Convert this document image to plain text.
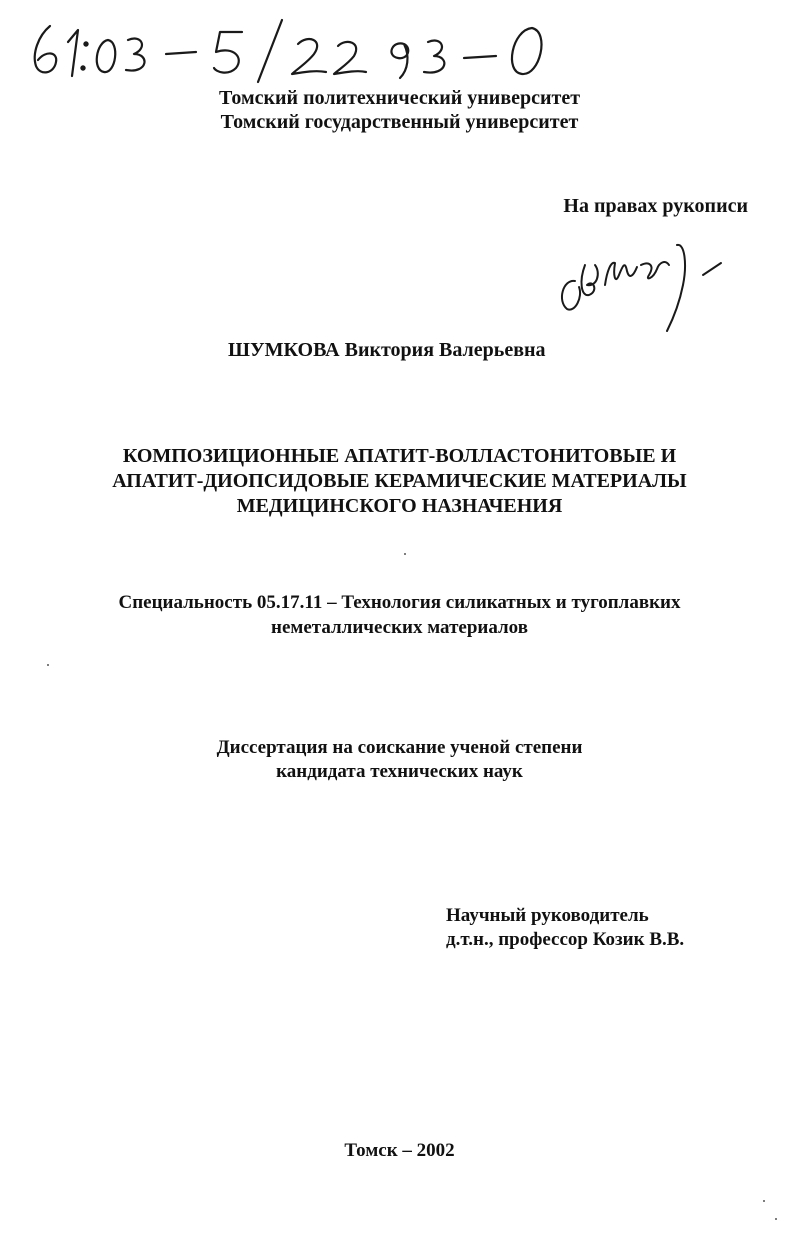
Томский политехнический университет
Томский государственный университет
На правах рукописи
ШУМКОВА Виктория Валерьевна
КОМПОЗИЦИОННЫЕ АПАТИТ-ВОЛЛАСТОНИТОВЫЕ И
АПАТИТ-ДИОПСИДОВЫЕ КЕРАМИЧЕСКИЕ МАТЕРИАЛЫ
МЕДИЦИНСКОГО НАЗНАЧЕНИЯ
Специальность 05.17.11 – Технология силикатных и тугоплавких
неметаллических материалов
Диссертация на соискание ученой степени
кандидата технических наук
Научный руководитель
д.т.н., профессор Козик В.В.
Томск – 2002
